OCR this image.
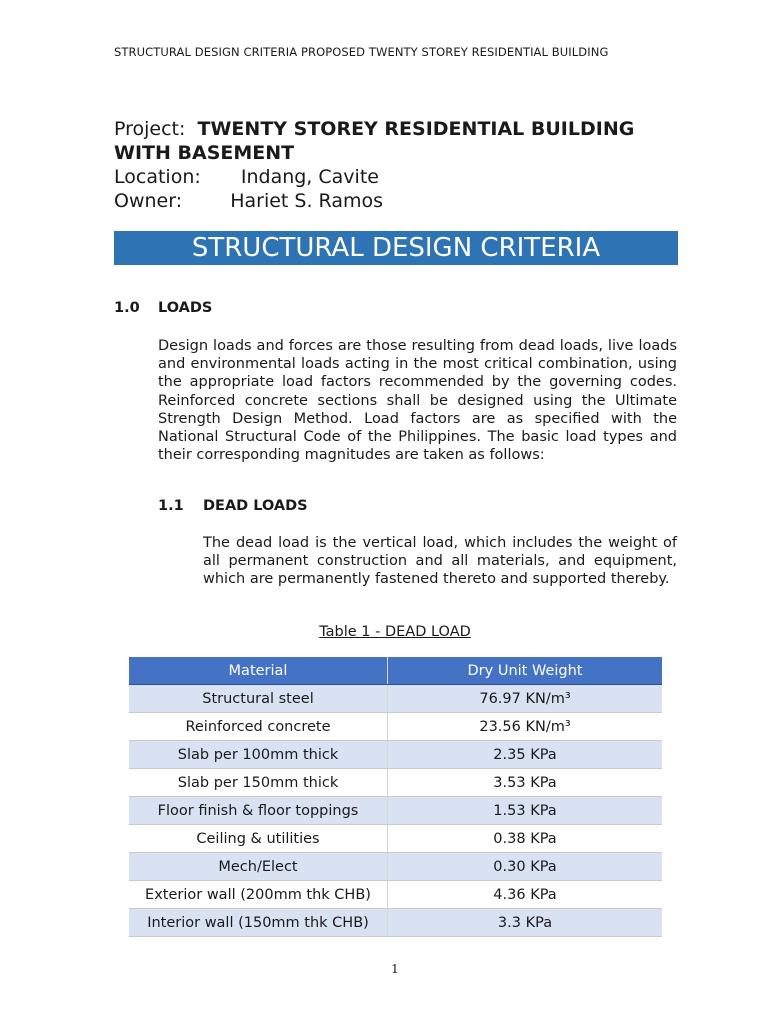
STRUCTURAL DESIGN CRITERIA PROPOSED TWENTY STOREY RESIDENTIAL BUILDING
Project: TWENTY STOREY RESIDENTIAL BUILDING
WITH BASEMENT
Location: Indang, Cavite
Owner:	Hariet S. Ramos
STRUCTURAL DESIGN CRITERIA
1.0 LOADS
Design loads and forces are those resulting from dead loads, live loads and environmental loads acting in the most critical combination, using the appropriate load factors recommended by the governing codes. Reinforced concrete sections shall be designed using the Ultimate Strength Design Method. Load factors are as specified with the National Structural Code of the Philippines. The basic load types and their corresponding magnitudes are taken as follows:
1.1 DEAD LOADS
The dead load is the vertical load, which includes the weight of all permanent construction and all materials, and equipment, which are permanently fastened thereto and supported thereby.
Table 1 - DEAD LOAD
Material	Dry Unit Weight
Structural steel	76.97 KN/m³
Reinforced concrete	23.56 KN/m³
Slab per 100mm thick	2.35 KPa
Slab per 150mm thick	3.53 KPa
Floor finish & floor toppings	1.53 KPa
Ceiling & utilities	0.38 KPa
Mech/Elect	0.30 KPa
Exterior wall (200mm thk CHB)	4.36 KPa
Interior wall (150mm thk CHB)	3.3 KPa
1
